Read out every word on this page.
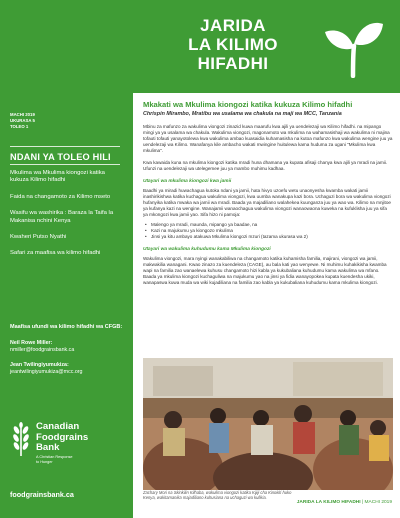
MACHI 2019
UKURASA 5
TOLEO 1
NDANI YA TOLEO HILI
Mkulima wa Mkulima kiongozi katika kukuza Kilimo hifadhi
Faida na changamoto za Kilimo mseto
Wasifu wa washirika : Baraza la Taifa la Makanisa nchini Kenya
Kwaheri Putso Nyathi
Safari za maafisa wa kilimo hifadhi
Maafisa ufundi wa kilimo hifadhi wa CFGB:
Neil Rowe Miller:
nmiller@foodgrainsbank.ca
Jean Twilingiyumukiza:
jeantwilingiyumukiza@mcc.org
Canadian
Foodgrains
Bank
A Christian Response
to Hunger
foodgrainsbank.ca
JARIDA
LA KILIMO
HIFADHI
Mkakati wa Mkulima kiongozi katika kukuza Kilimo hifadhi
Chrispin Mirambo, Mratibu wa usalama wa chakula na maji wa MCC, Tanzania

Mbinu za mafunzo za wakulima viongozi zinazid kuwa maarufu kwa ajili ya uendelezaji wa Kilimo hifadhi. na mipango mingi ya ya usalama wa chakula. Wakulima viongozi, magonamoto wa mkulima na wahamasishaji wa wakulima ni majina tofauti tofauti yanayotolewa kwa wakulima ambao kuasaidia kuhamasisha na kutoa mafunzo kwa wakulima wengine juu ya uendelezaji wa Kilimo. Wanafanya kile ambacho wakati mwingine huitulewa kama huduma za ugani "Mkulima kwa mkulima".

Kwa kawaida kuna na mkulima kiongozi katika mradi huna dhamana ya kupata afisaji chanya kwa ajili ya mradi na jamii. Ufunzi na uendelezaji wa utelegemee juu ya mambo muhimu kadhaa.

Utayari wa mkulima kiongozi kwa jamii

Baadhi ya miradi huwachagua kutoka ndani ya jamii, hata hivyo uzoefu wetu unaonyesha kwamba wakati jamii inashirikishwa katika kuchagua wakulima viongozi, kwa uumba wanakupa kazi bora. Uchaguzi bora wa wakulima viongozi hufanyika katika mwaka wa jamii wa mradi. Baada ya majadiliano walahekea kuunganza juu ya wao wa. Kilimo na mnjitoe ya kufanya kazi na wengine. Wanajamii wanaochagua wakulima viongozi wanaowaona kuweka na kufuklisha juu ya sifa ya mkongozi kwa jamii yao. Sifa hizo ni pamoja:

• Malengo ya mradi, maunda, mipango ya baadae, na
• Kazi na majukumu ya kiongozo mkulima
• Jinsi ya kitu ambayo atakuwa Mkulima kiongozi mzuri (tazama ukurasa wa 2)
Utayari wa wakulima kuhudumu kama Mkulima kiongozi

Wakulima viongozi, mara nyingi wanakabiliwa na changamoto katika kuhamisha familia, majirani, viongozi wa jamii, makwakilia wanagani. Kwao zinazo za kuendeleza (CAGE), au bala kati yao wenyewe. Ni muhimu kuhakikisha kwamba wapi na familia zao wanaelewa kuhusu changamoto hizi kabla ya kukubaliana kuhudumu kama wakulima wa mfano. Baada ya mkulima kiongozi kuchaguliwa na majukumu yao na jinsi ya fidia wanayopokea kupata kuendesha ukiki, wanapaswa kuwa muda wa wiki kujadiliana na familia zao kabla ya kukubaliana kuhudumu kama mkulima kiongozi.

Zachary Mori na Skinkilin Kilhaba, wakulima viongozi katika Kijiji cha Kinokiti huko Kenya, wakitamanika majadiliano kuhusiana na uchaguzi wa kufikia.
JARIDA LA KILIMO HIFADHI | MACHI 2019
